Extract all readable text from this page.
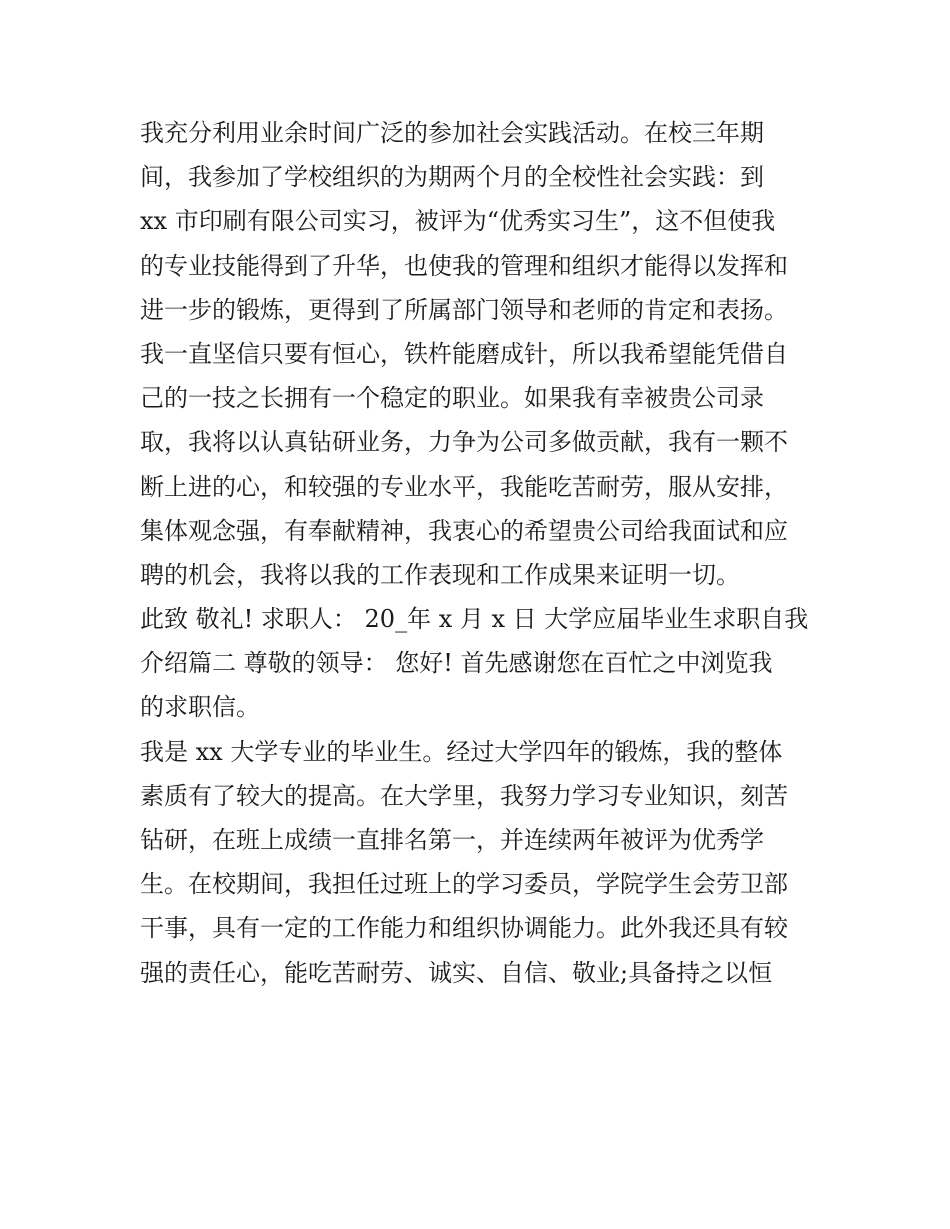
我充分利用业余时间广泛的参加社会实践活动。在校三年期
间，我参加了学校组织的为期两个月的全校性社会实践：到
xx 市印刷有限公司实习，被评为“优秀实习生”，这不但使我
的专业技能得到了升华，也使我的管理和组织才能得以发挥和
进一步的锻炼，更得到了所属部门领导和老师的肯定和表扬。
我一直坚信只要有恒心，铁杵能磨成针，所以我希望能凭借自
己的一技之长拥有一个稳定的职业。如果我有幸被贵公司录
取，我将以认真钻研业务，力争为公司多做贡献，我有一颗不
断上进的心，和较强的专业水平，我能吃苦耐劳，服从安排，
集体观念强，有奉献精神，我衷心的希望贵公司给我面试和应
聘的机会，我将以我的工作表现和工作成果来证明一切。
此致 敬礼! 求职人： 20_年 x 月 x 日 大学应届毕业生求职自我
介绍篇二 尊敬的领导： 您好! 首先感谢您在百忙之中浏览我
的求职信。
我是 xx 大学专业的毕业生。经过大学四年的锻炼，我的整体
素质有了较大的提高。在大学里，我努力学习专业知识，刻苦
钻研，在班上成绩一直排名第一，并连续两年被评为优秀学
生。在校期间，我担任过班上的学习委员，学院学生会劳卫部
干事，具有一定的工作能力和组织协调能力。此外我还具有较
强的责任心，能吃苦耐劳、诚实、自信、敬业;具备持之以恒
